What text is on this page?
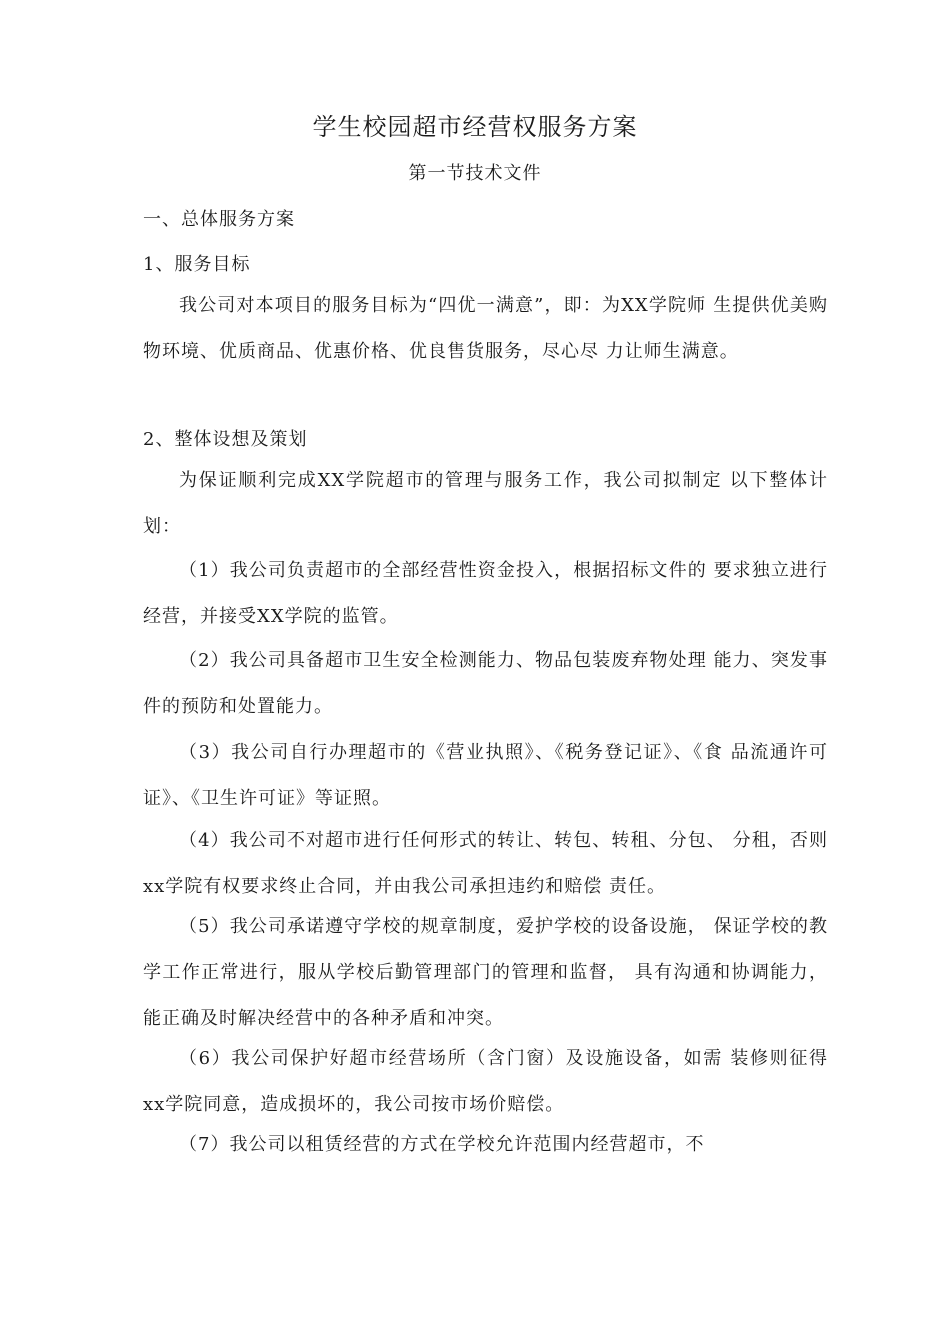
学生校园超市经营权服务方案
第一节技术文件
一、总体服务方案
1、服务目标
我公司对本项目的服务目标为“四优一满意”，即：为XX学院师 生提供优美购物环境、优质商品、优惠价格、优良售货服务，尽心尽 力让师生满意。
2、整体设想及策划
为保证顺利完成XX学院超市的管理与服务工作，我公司拟制定 以下整体计划：
（1）我公司负责超市的全部经营性资金投入，根据招标文件的 要求独立进行经营，并接受XX学院的监管。
（2）我公司具备超市卫生安全检测能力、物品包装废弃物处理 能力、突发事件的预防和处置能力。
（3）我公司自行办理超市的《营业执照》、《税务登记证》、《食 品流通许可证》、《卫生许可证》等证照。
（4）我公司不对超市进行任何形式的转让、转包、转租、分包、 分租，否则xx学院有权要求终止合同，并由我公司承担违约和赔偿 责任。
（5）我公司承诺遵守学校的规章制度，爱护学校的设备设施， 保证学校的教学工作正常进行，服从学校后勤管理部门的管理和监督， 具有沟通和协调能力，能正确及时解决经营中的各种矛盾和冲突。
（6）我公司保护好超市经营场所（含门窗）及设施设备，如需 装修则征得xx学院同意，造成损坏的，我公司按市场价赔偿。
（7）我公司以租赁经营的方式在学校允许范围内经营超市，不
